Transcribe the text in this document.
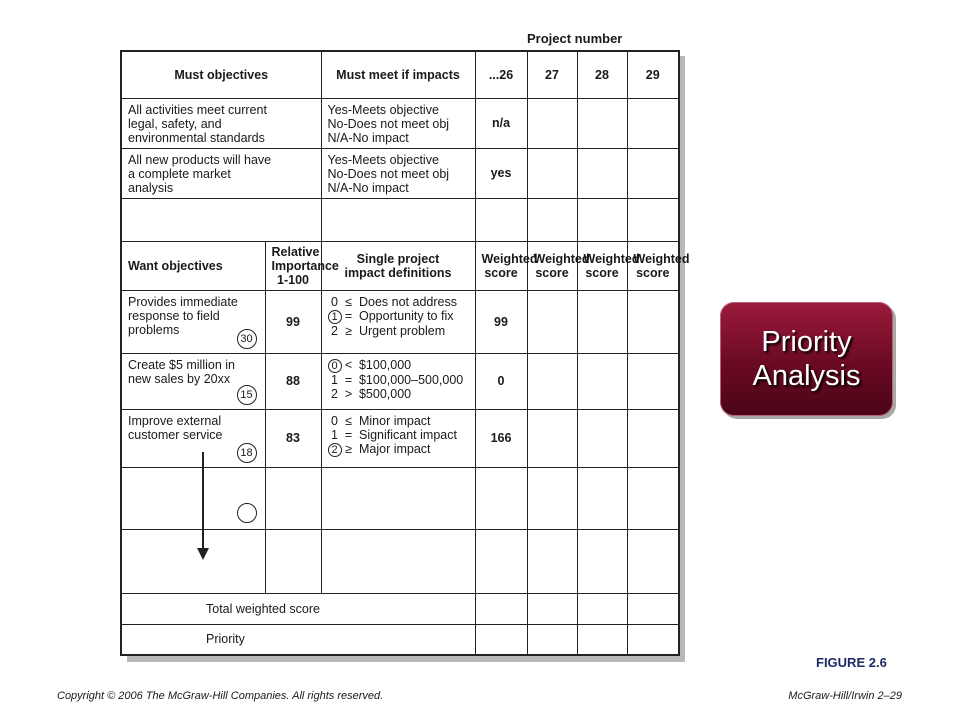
Project number
Must objectives		Must meet if impacts	...26	27	28	29

All activities meet current
legal, safety, and
environmental standards		Yes-Meets objective
No-Does not meet obj
N/A-No impact	n/a			

All new products will have
a complete market
analysis		Yes-Meets objective
No-Does not meet obj
N/A-No impact	yes			

Want objectives	Relative
Importance
1-100	Single project
impact definitions	Weighted
score	Weighted
score	Weighted
score	Weighted
score

Provides immediate
response to field
problems
30	99	0 ≤ Does not address
1 = Opportunity to fix
2 ≥ Urgent problem	99			

Create $5 million in
new sales by 20xx
15	88	0 < $100,000
1 = $100,000–500,000
2 > $500,000	0			

Improve external
customer service
18	83	0 ≤ Minor impact
1 = Significant impact
2 ≥ Major impact	166			

Total weighted score						
Priority						
Priority
Analysis
FIGURE 2.6
Copyright © 2006 The McGraw-Hill Companies. All rights reserved.	McGraw-Hill/Irwin 2–29
